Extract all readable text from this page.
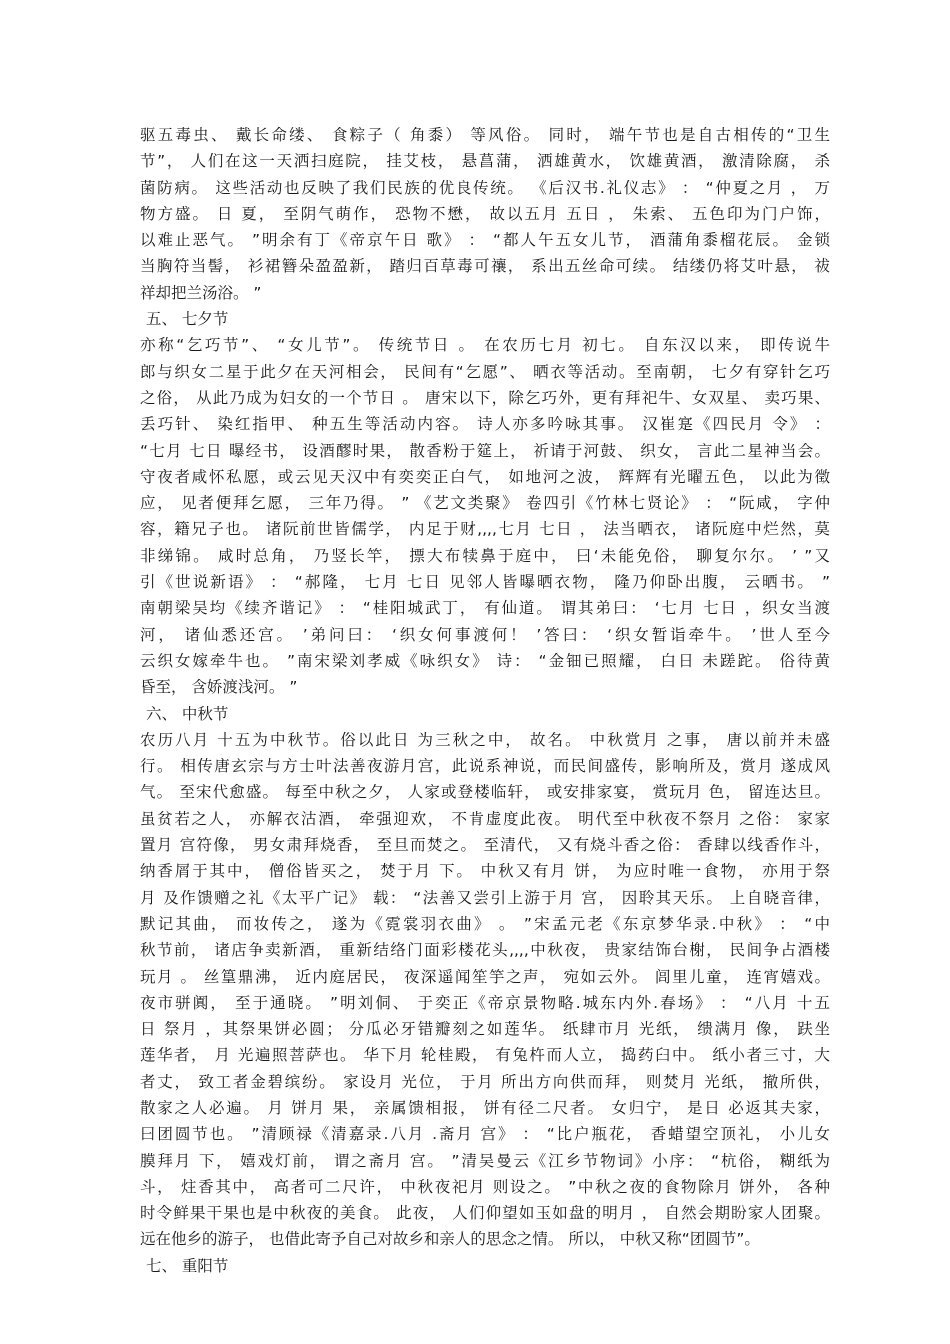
驱五毒虫、 戴长命缕、 食粽子（ 角黍） 等风俗。 同时， 端午节也是自古相传的“卫生
节”， 人们在这一天洒扫庭院， 挂艾枝， 悬菖蒲， 洒雄黄水， 饮雄黄酒， 激清除腐， 杀
菌防病。 这些活动也反映了我们民族的优良传统。 《后汉书.礼仪志》 ： “仲夏之月 ， 万
物方盛。 日 夏， 至阴气萌作， 恐物不懋， 故以五月 五日 ， 朱索、 五色印为门户饰，
以难止恶气。 ”明余有丁《帝京午日 歌》 ： “都人午五女儿节， 酒蒲角黍榴花辰。 金锁
当胸符当髻， 衫裙簪朵盈盈新， 踏归百草毒可禳， 系出五丝命可续。 结缕仍将艾叶悬， 祓
祥却把兰汤浴。 ”
五、 七夕节
亦称“乞巧节”、 “女儿节”。 传统节日 。 在农历七月 初七。 自东汉以来， 即传说牛
郎与织女二星于此夕在天河相会， 民间有“乞愿”、 晒衣等活动。至南朝， 七夕有穿针乞巧
之俗， 从此乃成为妇女的一个节日 。 唐宋以下，除乞巧外，更有拜祀牛、女双星、 卖巧果、
丢巧针、 染红指甲、 种五生等活动内容。 诗人亦多吟咏其事。 汉崔寔《四民月 令》 ：
“七月 七日 曝经书， 设酒醪时果， 散香粉于筵上， 祈请于河鼓、 织女， 言此二星神当会。
守夜者咸怀私愿，或云见天汉中有奕奕正白气， 如地河之波， 辉辉有光曜五色， 以此为徵
应， 见者便拜乞愿， 三年乃得。 ” 《艺文类聚》 卷四引《竹林七贤论》 ： “阮咸， 字仲
容，籍兄子也。 诸阮前世皆儒学， 内足于财,,,,七月 七日 ， 法当晒衣， 诸阮庭中烂然，莫
非绨锦。 咸时总角， 乃竖长竿， 摽大布犊鼻于庭中， 曰‘未能免俗， 聊复尔尔。 ’ ”又
引《世说新语》 ： “郝隆， 七月 七日 见邻人皆曝晒衣物， 隆乃仰卧出腹， 云晒书。 ”
南朝梁吴均《续齐谐记》 ： “桂阳城武丁， 有仙道。 谓其弟曰： ‘七月 七日 ，织女当渡
河， 诸仙悉还宫。 ’弟问曰： ‘织女何事渡何！ ’答曰： ‘织女暂诣牵牛。 ’世人至今
云织女嫁牵牛也。 ”南宋梁刘孝威《咏织女》 诗： “金钿已照耀， 白日 未蹉跎。 俗待黄
昏至， 含娇渡浅河。 ”
六、 中秋节
农历八月 十五为中秋节。俗以此日 为三秋之中， 故名。 中秋赏月 之事， 唐以前并未盛
行。 相传唐玄宗与方士叶法善夜游月宫，此说系神说，而民间盛传，影响所及，赏月 遂成风
气。 至宋代愈盛。 每至中秋之夕， 人家或登楼临轩， 或安排家宴， 赏玩月 色， 留连达旦。
虽贫若之人， 亦解衣沽酒， 牵强迎欢， 不肯虚度此夜。 明代至中秋夜不祭月 之俗： 家家
置月 宫符像， 男女肃拜烧香， 至旦而焚之。 至清代， 又有烧斗香之俗： 香肆以线香作斗，
纳香屑于其中， 僧俗皆买之， 焚于月 下。 中秋又有月 饼， 为应时唯一食物， 亦用于祭
月 及作馈赠之礼《太平广记》 载： “法善又尝引上游于月 宫， 因聆其天乐。 上自晓音律，
默记其曲， 而妆传之， 遂为《霓裳羽衣曲》 。 ”宋孟元老《东京梦华录.中秋》 ： “中
秋节前， 诸店争卖新酒， 重新结络门面彩楼花头,,,,中秋夜， 贵家结饰台榭， 民间争占酒楼
玩月 。 丝篁鼎沸， 近内庭居民， 夜深遥闻笙竽之声， 宛如云外。 闾里儿童， 连宵嬉戏。
夜市骈阗， 至于通晓。 ”明刘侗、 于奕正《帝京景物略.城东内外.春场》 ： “八月 十五
日 祭月 ，其祭果饼必圆； 分瓜必牙错瓣刻之如莲华。 纸肆市月 光纸， 缋满月 像， 趺坐
莲华者， 月 光遍照菩萨也。 华下月 轮桂殿， 有兔杵而人立， 捣药臼中。 纸小者三寸，大
者丈， 致工者金碧缤纷。 家设月 光位， 于月 所出方向供而拜， 则焚月 光纸， 撤所供，
散家之人必遍。 月 饼月 果， 亲属馈相报， 饼有径二尺者。 女归宁， 是日 必返其夫家，
曰团圆节也。 ”清顾禄《清嘉录.八月 .斋月 宫》 ： “比户瓶花， 香蜡望空顶礼， 小儿女
膜拜月 下， 嬉戏灯前， 谓之斋月 宫。 ”清吴曼云《江乡节物词》小序： “杭俗， 糊纸为
斗， 炷香其中， 高者可二尺许， 中秋夜祀月 则设之。 ”中秋之夜的食物除月 饼外， 各种
时令鲜果干果也是中秋夜的美食。 此夜， 人们仰望如玉如盘的明月 ， 自然会期盼家人团聚。
远在他乡的游子， 也借此寄予自己对故乡和亲人的思念之情。 所以， 中秋又称“团圆节”。
七、 重阳节
